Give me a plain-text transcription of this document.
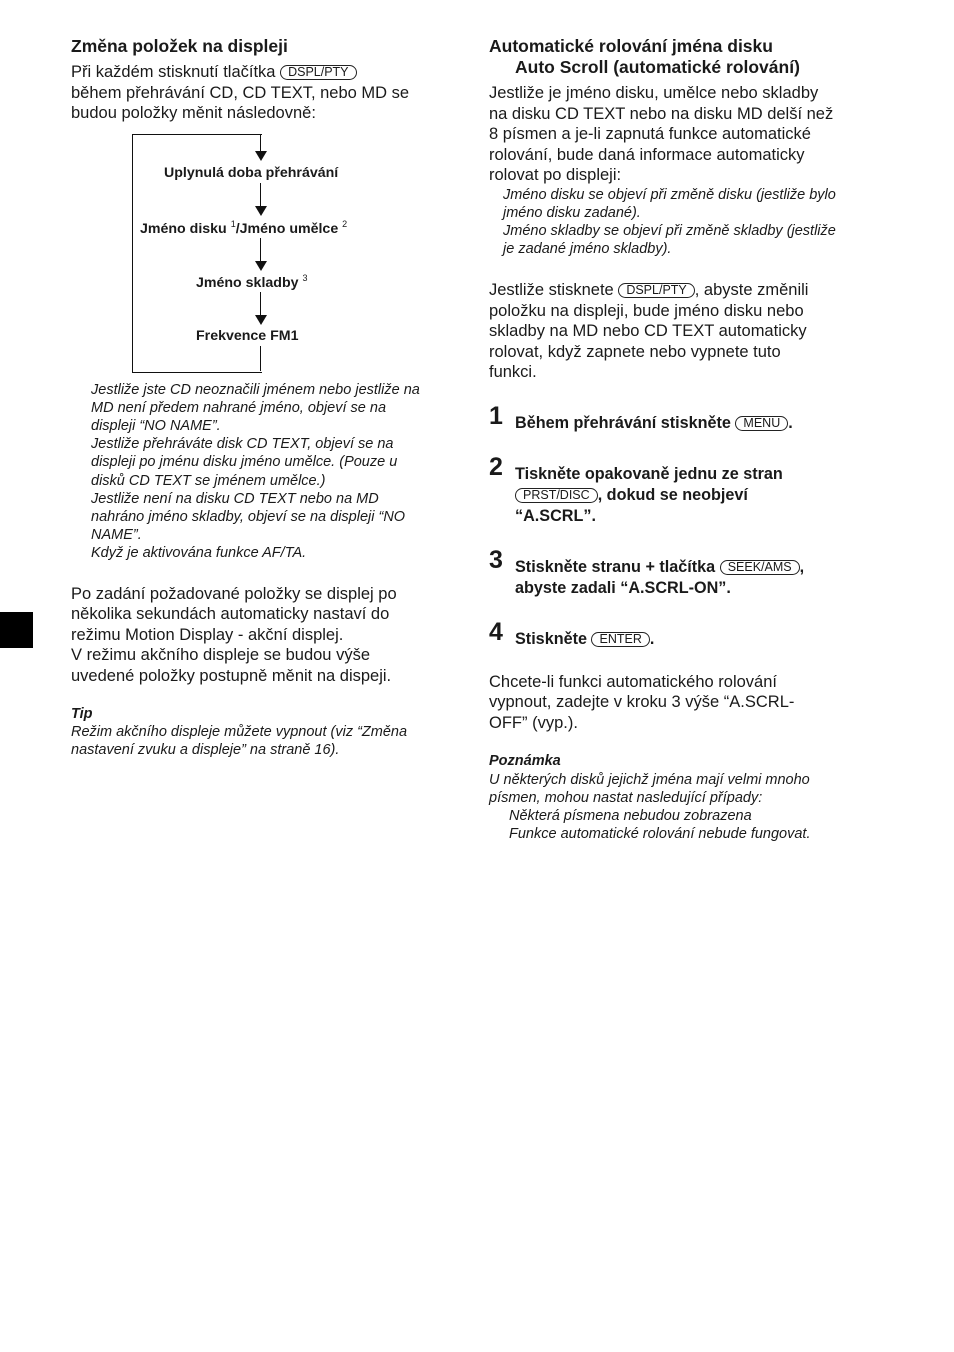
Změna položek na displeji

Při každém stisknutí tlačítka DSPL/PTY
během přehrávání CD, CD TEXT, nebo MD se
budou položky měnit následovně:

Uplynulá doba přehrávání
Jméno disku $^1$/Jméno umělce $^2$
Jméno skladby $^3$
Frekvence FM1
Jestliže jste CD neoznačili jménem nebo jestliže na
MD není předem nahrané jméno, objeví se na
displeji “NO NAME”.
Jestliže přehráváte disk CD TEXT, objeví se na
displeji po jménu disku jméno umělce. (Pouze u
disků CD TEXT se jménem umělce.)
Jestliže není na disku CD TEXT nebo na MD
nahráno jméno skladby, objeví se na displeji “NO
NAME”.
Když je aktivována funkce AF/TA.

Po zadání požadované položky se displej po
několika sekundách automaticky nastaví do
režimu Motion Display - akční displej.
V režimu akčního displeje se budou výše
uvedené položky postupně měnit na dispeji.

Tip
Režim akčního displeje můžete vypnout (viz “Změna
nastavení zvuku a displeje” na straně 16).
Automatické rolování jména disku
Auto Scroll (automatické rolování)

Jestliže je jméno disku, umělce nebo skladby
na disku CD TEXT nebo na disku MD delší než
8 písmen a je-li zapnutá funkce automatické
rolování, bude daná informace automaticky
rolovat po displeji:

Jméno disku se objeví při změně disku (jestliže bylo
jméno disku zadané).
Jméno skladby se objeví při změně skladby (jestliže
je zadané jméno skladby).

Jestliže stisknete DSPL/PTY , abyste změnili
položku na displeji, bude jméno disku nebo
skladby na MD nebo CD TEXT automaticky
rolovat, když zapnete nebo vypnete tuto
funkci.

1 Během přehrávání stiskněte MENU .
2 Tiskněte opakovaně jednu ze stran
PRST/DISC , dokud se neobjeví
“A.SCRL”.
3 Stiskněte stranu + tlačítka SEEK/AMS ,
abyste zadali “A.SCRL-ON”.
4 Stiskněte ENTER .

Chcete-li funkci automatického rolování
vypnout, zadejte v kroku 3 výše “A.SCRL-
OFF” (vyp.).

Poznámka
U některých disků jejichž jména mají velmi mnoho
písmen, mohou nastat nasledující případy:
Některá písmena nebudou zobrazena
Funkce automatické rolování nebude fungovat.
